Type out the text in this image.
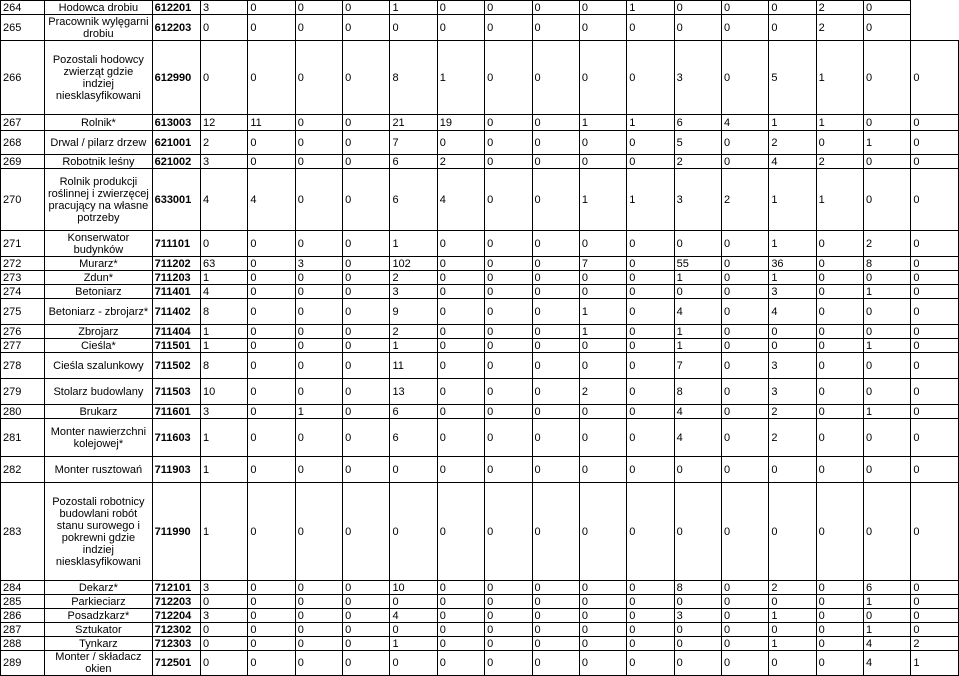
264	Hodowca drobiu	612201	3	0	0	0	1	0	0	0	0	1	0	0	0	2	0	
265	Pracownik wylęgarni drobiu	612203	0	0	0	0	0	0	0	0	0	0	0	0	0	2	0	
266	Pozostali hodowcy zwierząt gdzie indziej niesklasyfikowani	612990	0	0	0	0	8	1	0	0	0	0	3	0	5	1	0	0
267	Rolnik*	613003	12	11	0	0	21	19	0	0	1	1	6	4	1	1	0	0
268	Drwal / pilarz drzew	621001	2	0	0	0	7	0	0	0	0	0	5	0	2	0	1	0
269	Robotnik leśny	621002	3	0	0	0	6	2	0	0	0	0	2	0	4	2	0	0
270	Rolnik produkcji roślinnej i zwierzęcej pracujący na własne potrzeby	633001	4	4	0	0	6	4	0	0	1	1	3	2	1	1	0	0
271	Konserwator budynków	711101	0	0	0	0	1	0	0	0	0	0	0	0	1	0	2	0
272	Murarz*	711202	63	0	3	0	102	0	0	0	7	0	55	0	36	0	8	0
273	Zdun*	711203	1	0	0	0	2	0	0	0	0	0	1	0	1	0	0	0
274	Betoniarz	711401	4	0	0	0	3	0	0	0	0	0	0	0	3	0	1	0
275	Betoniarz - zbrojarz*	711402	8	0	0	0	9	0	0	0	1	0	4	0	4	0	0	0
276	Zbrojarz	711404	1	0	0	0	2	0	0	0	1	0	1	0	0	0	0	0
277	Cieśla*	711501	1	0	0	0	1	0	0	0	0	0	1	0	0	0	1	0
278	Cieśla szalunkowy	711502	8	0	0	0	11	0	0	0	0	0	7	0	3	0	0	0
279	Stolarz budowlany	711503	10	0	0	0	13	0	0	0	2	0	8	0	3	0	0	0
280	Brukarz	711601	3	0	1	0	6	0	0	0	0	0	4	0	2	0	1	0
281	Monter nawierzchni kolejowej*	711603	1	0	0	0	6	0	0	0	0	0	4	0	2	0	0	0
282	Monter rusztowań	711903	1	0	0	0	0	0	0	0	0	0	0	0	0	0	0	0
283	Pozostali robotnicy budowlani robót stanu surowego i pokrewni gdzie indziej niesklasyfikowani	711990	1	0	0	0	0	0	0	0	0	0	0	0	0	0	0	0
284	Dekarz*	712101	3	0	0	0	10	0	0	0	0	0	8	0	2	0	6	0
285	Parkieciarz	712203	0	0	0	0	0	0	0	0	0	0	0	0	0	0	1	0
286	Posadzkarz*	712204	3	0	0	0	4	0	0	0	0	0	3	0	1	0	0	0
287	Sztukator	712302	0	0	0	0	0	0	0	0	0	0	0	0	0	0	1	0
288	Tynkarz	712303	0	0	0	0	1	0	0	0	0	0	0	0	1	0	4	2
289	Monter / składacz okien	712501	0	0	0	0	0	0	0	0	0	0	0	0	0	0	4	1
